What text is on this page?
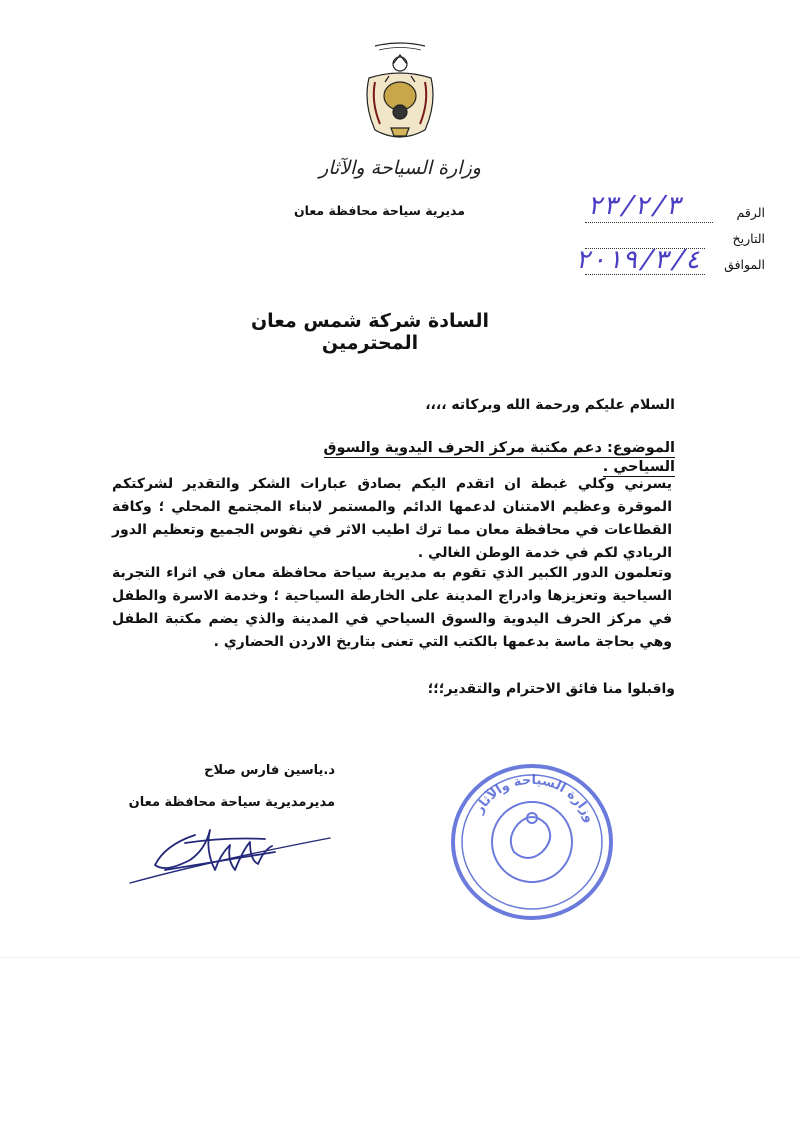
وزارة السياحة والآثار
مديرية سياحة محافظة معان	الرقم
٢٣/٢/٣
التاريخ
الموافق
٢٠١٩/٣/٤
السادة شركة شمس معان المحترمين
السلام عليكم ورحمة الله وبركاته ،،،،
الموضوع: دعم مكتبة مركز الحرف اليدوية والسوق السياحي .
يسرني وكلي غبطة ان اتقدم اليكم بصادق عبارات الشكر والتقدير لشركتكم الموقرة وعظيم الامتنان لدعمها الدائم والمستمر لابناء المجتمع المحلي ؛ وكافة القطاعات في محافظة معان مما ترك اطيب الاثر في نفوس الجميع وتعظيم الدور الريادي لكم في خدمة الوطن الغالي .
وتعلمون الدور الكبير الذي تقوم به مديرية سياحة محافظة معان في اثراء التجربة السياحية وتعزيزها وادراج المدينة على الخارطة السياحية ؛ وخدمة الاسرة والطفل في مركز الحرف اليدوية والسوق السياحي في المدينة والذي يضم مكتبة الطفل وهي بحاجة ماسة بدعمها بالكتب التي تعنى بتاريخ الاردن الحضاري .
واقبلوا منا فائق الاحترام والتقدير؛؛؛
د.ياسين فارس صلاح
مديرمديرية سياحة محافظة معان	وزارة السياحة والآثار
